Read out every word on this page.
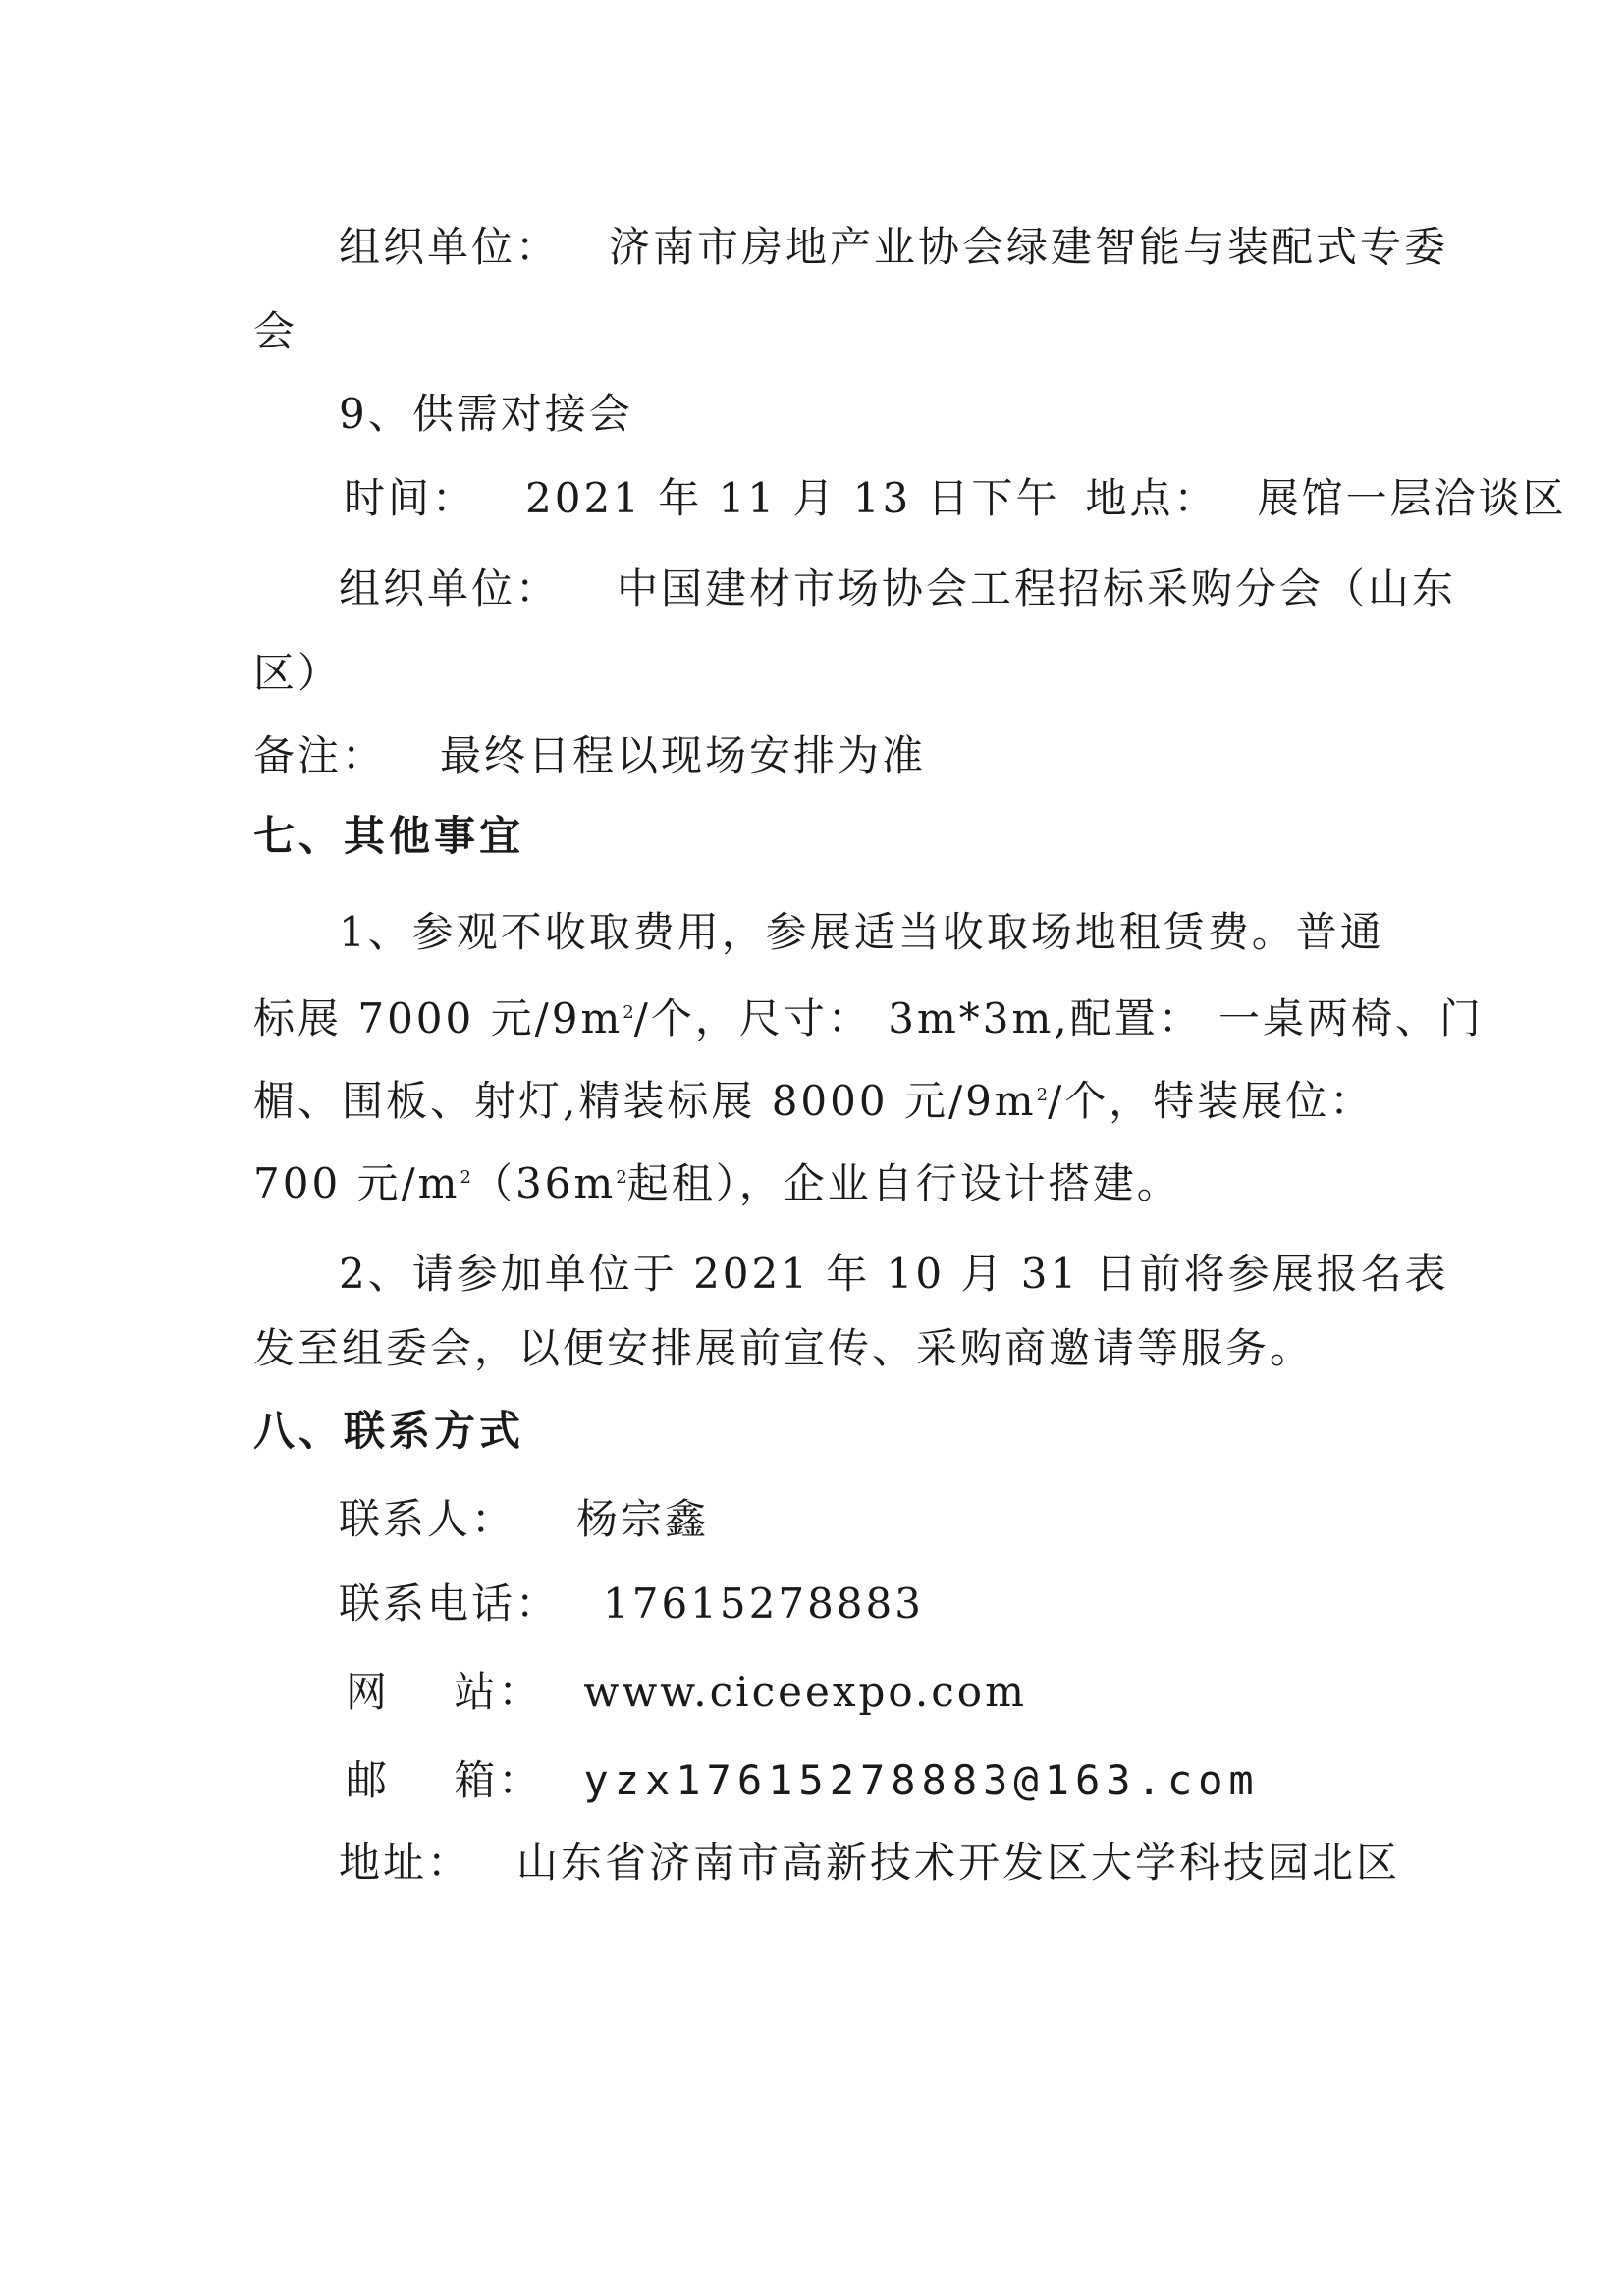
组织单位： 济南市房地产业协会绿建智能与装配式专委
会
9、供需对接会
时间： 2021 年 11 月 13 日下午 地点： 展馆一层洽谈区
组织单位： 中国建材市场协会工程招标采购分会（山东
区）
备注： 最终日程以现场安排为准
七、其他事宜
1、参观不收取费用，参展适当收取场地租赁费。普通
标展 7000 元$/9m^2/$个，尺寸： 3m*3m,配置： 一桌两椅、门
楣、围板、射灯,精装标展 8000 元$/9m^2/$个，特装展位：
700 元$/m^2(36m^2$起租），企业自行设计搭建。
2、请参加单位于 2021 年 10 月 31 日前将参展报名表
发至组委会，以便安排展前宣传、采购商邀请等服务。
八、联系方式
联系人： 杨宗鑫
联系电话： 17615278883
网    站： www.ciceexpo.com
邮    箱： yzx17615278883@163.com
地址： 山东省济南市高新技术开发区大学科技园北区
